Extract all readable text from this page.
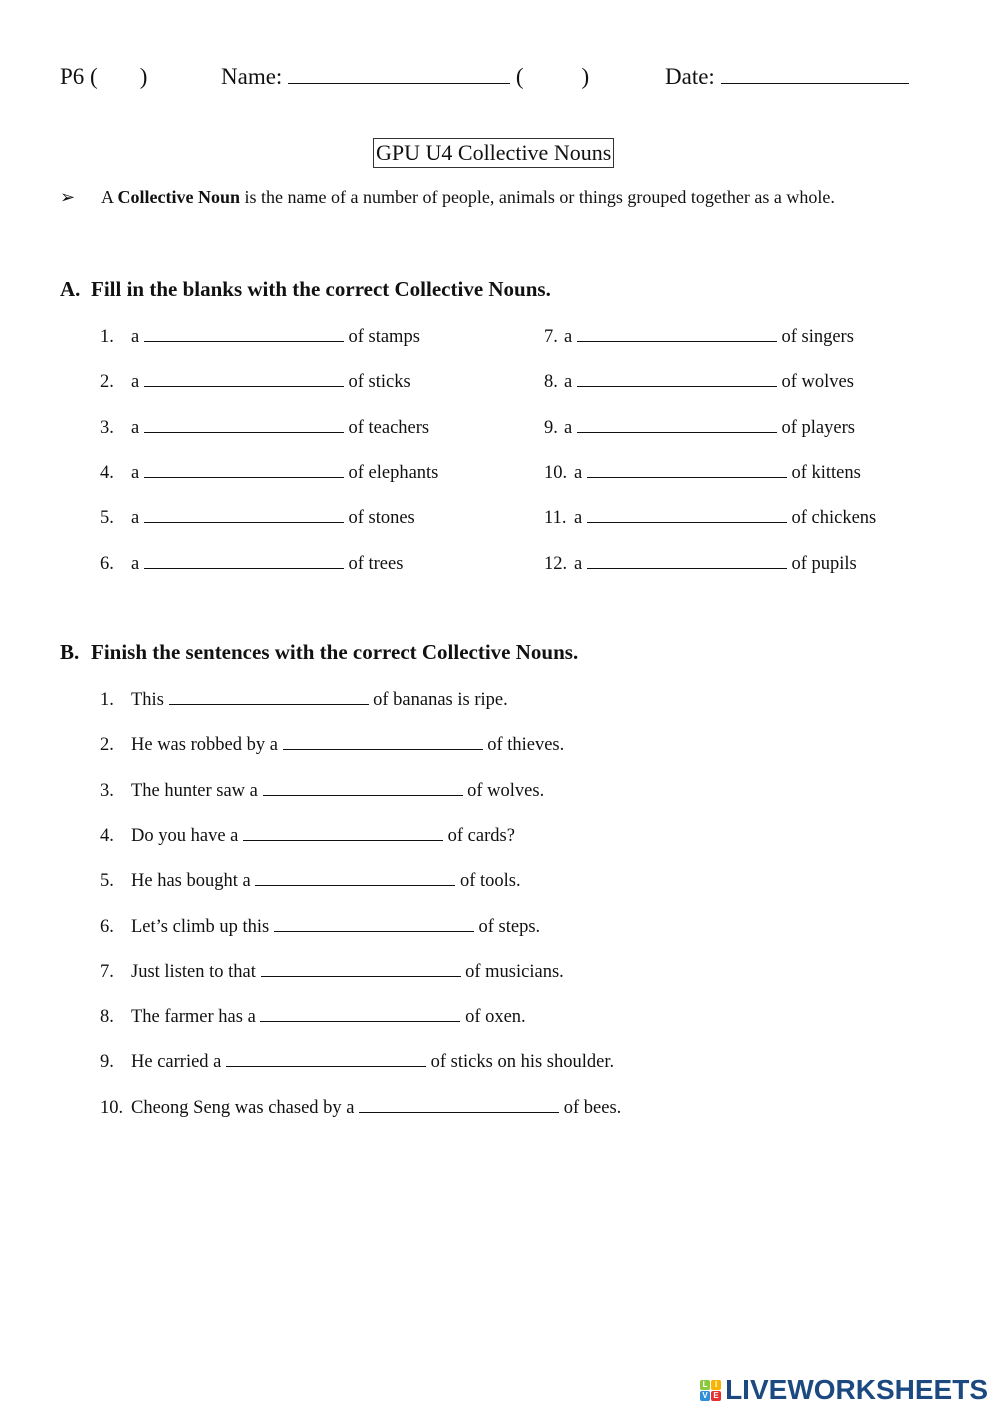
P6 ( )	Name:	(	)	Date:
GPU U4 Collective Nouns
➢ A Collective Noun is the name of a number of people, animals or things grouped together as a whole.
A. Fill in the blanks with the correct Collective Nouns.
1. a	of stamps
2. a	of sticks
3. a	of teachers
4. a	of elephants
5. a	of stones
6. a	of trees
7. a	of singers
8. a	of wolves
9. a	of players
10. a	of kittens
11. a	of chickens
12. a	of pupils
B. Finish the sentences with the correct Collective Nouns.
1. This	of bananas is ripe.
2. He was robbed by a	of thieves.
3. The hunter saw a	of wolves.
4. Do you have a	of cards?
5. He has bought a	of tools.
6. Let’s climb up this	of steps.
7. Just listen to that	of musicians.
8. The farmer has a	of oxen.
9. He carried a	of sticks on his shoulder.
10. Cheong Seng was chased by a	of bees.
L I
V E LIVEWORKSHEETS
